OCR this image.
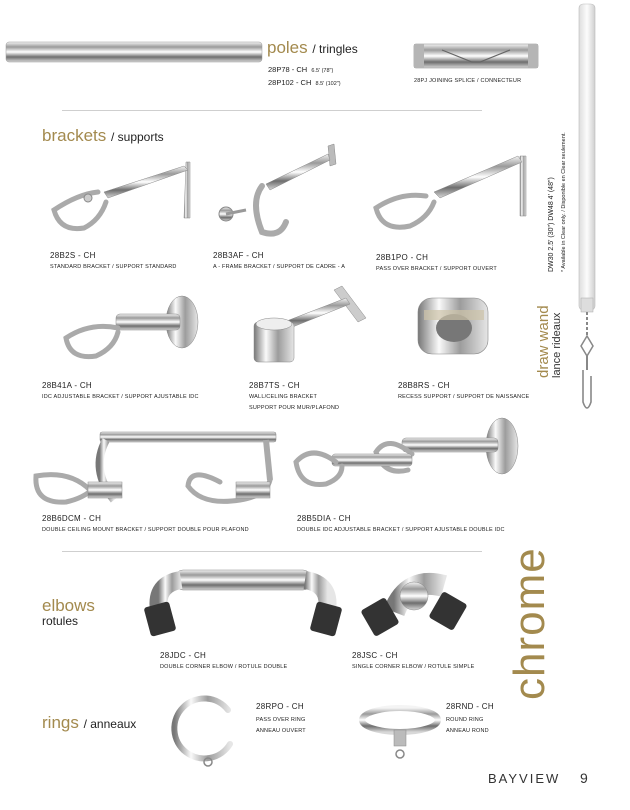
poles / tringles
28P78 - CH 6.5' (78")
28P102 - CH 8.5' (102")	28PJ JOINING SPLICE / CONNECTEUR
brackets / supports
28B2S - CH
STANDARD BRACKET / SUPPORT STANDARD
28B3AF - CH
A - FRAME BRACKET / SUPPORT DE CADRE - A
28B1PO - CH
PASS OVER BRACKET / SUPPORT OUVERT
28B41A - CH
IDC ADJUSTABLE BRACKET / SUPPORT AJUSTABLE IDC
28B7TS - CH
WALL/CELING BRACKET
SUPPORT POUR MUR/PLAFOND
28B8RS - CH
RECESS SUPPORT / SUPPORT DE NAISSANCE
28B6DCM - CH
DOUBLE CEILING MOUNT BRACKET / SUPPORT DOUBLE POUR PLAFOND
28B5DIA - CH
DOUBLE IDC ADJUSTABLE BRACKET / SUPPORT AJUSTABLE DOUBLE IDC
elbows
rotules
28JDC - CH
DOUBLE CORNER ELBOW / ROTULE DOUBLE
28JSC - CH
SINGLE CORNER ELBOW / ROTULE SIMPLE
rings / anneaux
28RPO - CH
PASS OVER RING
ANNEAU OUVERT
28RND - CH
ROUND RING
ANNEAU ROND
draw wand lance rideaux
DW30 2.5' (30") DW48 4' (48") * Available in Clear only. / Disponible en Clear seulement.
chrome
BAYVIEW 9
